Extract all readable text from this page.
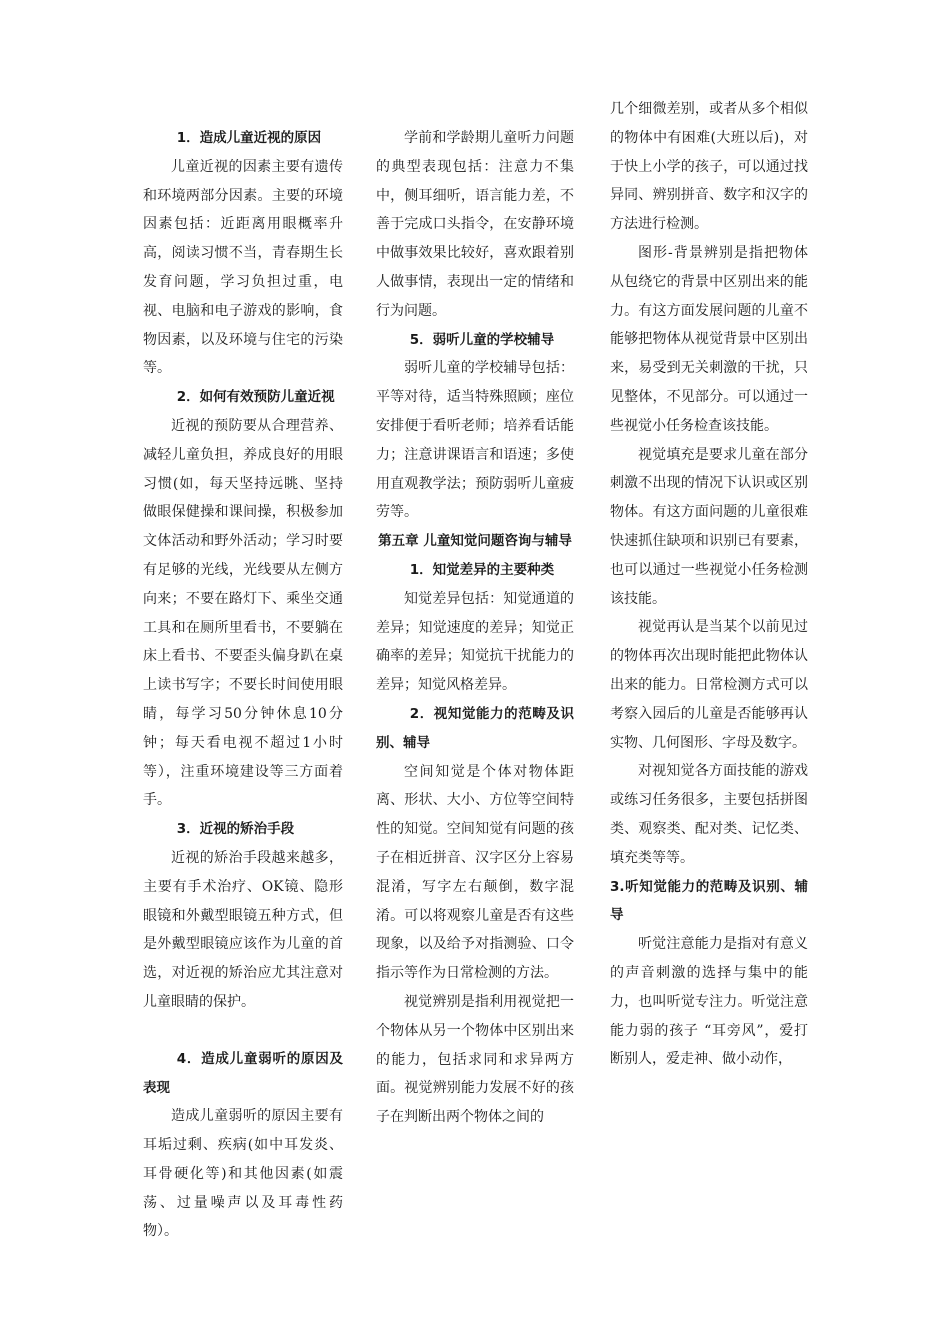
1．造成儿童近视的原因

儿童近视的因素主要有遗传和环境两部分因素。主要的环境因素包括：近距离用眼概率升高，阅读习惯不当，青春期生长发育问题，学习负担过重，电视、电脑和电子游戏的影响，食物因素，以及环境与住宅的污染等。

2．如何有效预防儿童近视

近视的预防要从合理营养、减轻儿童负担，养成良好的用眼习惯(如，每天坚持远眺、坚持做眼保健操和课间操，积极参加文体活动和野外活动；学习时要有足够的光线，光线要从左侧方向来；不要在路灯下、乘坐交通工具和在厕所里看书，不要躺在床上看书、不要歪头偏身趴在桌上读书写字；不要长时间使用眼睛，每学习50分钟休息10分钟；每天看电视不超过1小时等），注重环境建设等三方面着手。

3．近视的矫治手段

近视的矫治手段越来越多，主要有手术治疗、OK镜、隐形眼镜和外戴型眼镜五种方式，但是外戴型眼镜应该作为儿童的首选，对近视的矫治应尤其注意对儿童眼睛的保护。

4．造成儿童弱听的原因及表现

造成儿童弱听的原因主要有耳垢过剩、疾病(如中耳发炎、耳骨硬化等)和其他因素(如震荡、过量噪声以及耳毒性药物）。

学前和学龄期儿童听力问题的典型表现包括：注意力不集中，侧耳细听，语言能力差，不善于完成口头指令，在安静环境中做事效果比较好，喜欢跟着别人做事情，表现出一定的情绪和行为问题。

5．弱听儿童的学校辅导

弱听儿童的学校辅导包括：平等对待，适当特殊照顾；座位安排便于看听老师；培养看话能力；注意讲课语言和语速；多使用直观教学法；预防弱听儿童疲劳等。

第五章 儿童知觉问题咨询与辅导
1．知觉差异的主要种类

知觉差异包括：知觉通道的差异；知觉速度的差异；知觉正确率的差异；知觉抗干扰能力的差异；知觉风格差异。

2．视知觉能力的范畴及识别、辅导

空间知觉是个体对物体距离、形状、大小、方位等空间特性的知觉。空间知觉有问题的孩子在相近拼音、汉字区分上容易混淆，写字左右颠倒，数字混淆。可以将观察儿童是否有这些现象，以及给予对指测验、口令指示等作为日常检测的方法。

视觉辨别是指利用视觉把一个物体从另一个物体中区别出来的能力，包括求同和求异两方面。视觉辨别能力发展不好的孩子在判断出两个物体之间的

几个细微差别，或者从多个相似的物体中有困难(大班以后)，对于快上小学的孩子，可以通过找异同、辨别拼音、数字和汉字的方法进行检测。

图形-背景辨别是指把物体从包绕它的背景中区别出来的能力。有这方面发展问题的儿童不能够把物体从视觉背景中区别出来，易受到无关刺激的干扰，只见整体，不见部分。可以通过一些视觉小任务检查该技能。

视觉填充是要求儿童在部分刺激不出现的情况下认识或区别物体。有这方面问题的儿童很难快速抓住缺项和识别已有要素，也可以通过一些视觉小任务检测该技能。

视觉再认是当某个以前见过的物体再次出现时能把此物体认出来的能力。日常检测方式可以考察入园后的儿童是否能够再认实物、几何图形、字母及数字。

对视知觉各方面技能的游戏或练习任务很多，主要包括拼图类、观察类、配对类、记忆类、填充类等等。

3.听知觉能力的范畴及识别、辅导

听觉注意能力是指对有意义的声音刺激的选择与集中的能力，也叫听觉专注力。听觉注意能力弱的孩子 “耳旁风”，爱打断别人，爱走神、做小动作，
